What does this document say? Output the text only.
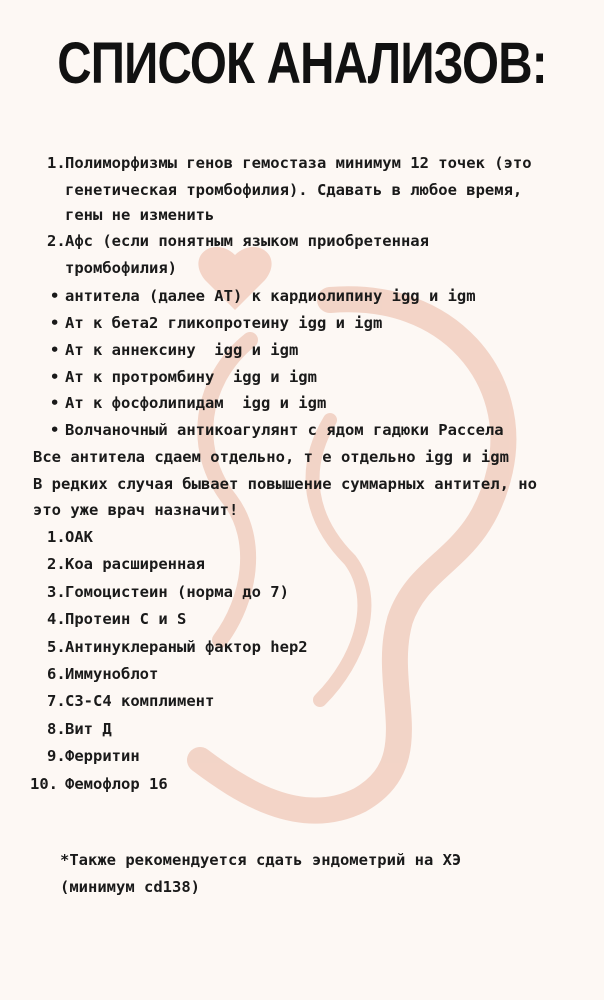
СПИСОК АНАЛИЗОВ:
1. Полиморфизмы генов гемостаза минимум 12 точек (это
генетическая тромбофилия). Сдавать в любое время,
гены не изменить
2. Афс (если понятным языком приобретенная
тромбофилия)
• антитела (далее АТ) к кардиолипину igg и igm
• Ат к бета2 гликопротеину igg и igm
• Ат к аннексину  igg и igm
• Ат к протромбину  igg и igm
• Ат к фосфолипидам  igg и igm
• Волчаночный антикоагулянт с ядом гадюки Рассела
Все антитела сдаем отдельно, т е отдельно igg и igm
В редких случая бывает повышение суммарных антител, но
это уже врач назначит!
1. ОАК
2. Коа расширенная
3. Гомоцистеин (норма до 7)
4. Протеин С и S
5. Антинуклераный фактор hep2
6. Иммуноблот
7. С3-С4 комплимент
8. Вит Д
9. Ферритин
10. Фемофлор 16
*Также рекомендуется сдать эндометрий на ХЭ
(минимум cd138)
